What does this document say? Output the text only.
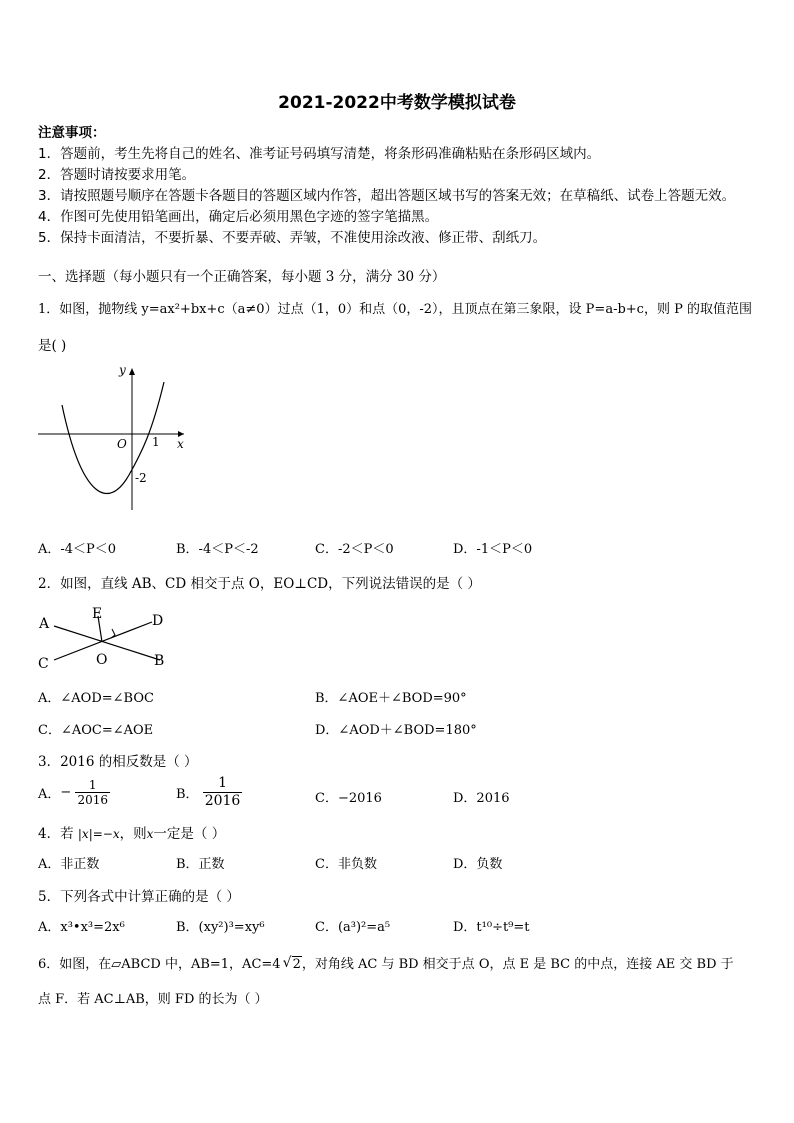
2021-2022中考数学模拟试卷
注意事项：
1．答题前，考生先将自己的姓名、准考证号码填写清楚，将条形码准确粘贴在条形码区域内。
2．答题时请按要求用笔。
3．请按照题号顺序在答题卡各题目的答题区域内作答，超出答题区域书写的答案无效；在草稿纸、试卷上答题无效。
4．作图可先使用铅笔画出，确定后必须用黑色字迹的签字笔描黑。
5．保持卡面清洁，不要折暴、不要弄破、弄皱，不准使用涂改液、修正带、刮纸刀。
一、选择题（每小题只有一个正确答案，每小题 3 分，满分 30 分）
1．如图，抛物线 y=ax²+bx+c（a≠0）过点（1，0）和点（0，-2），且顶点在第三象限，设 P=a-b+c，则 P 的取值范围
是( )
y
x
O 1
-2
A．-4＜P＜0	B．-4＜P＜-2	C．-2＜P＜0	D．-1＜P＜0
2．如图，直线 AB、CD 相交于点 O，EO⊥CD，下列说法错误的是（ ）
A
B
C
D
E
O
A．∠AOD=∠BOC	B．∠AOE＋∠BOD=90°
C．∠AOC=∠AOE	D．∠AOD＋∠BOD=180°
3．2016 的相反数是（ ）
A．− $\frac{1}{2016}$	B． $\frac{1}{2016}$	C．−2016	D．2016
4．若 |x|=−x，则x一定是（ ）
A．非正数	B．正数	C．非负数	D．负数
5．下列各式中计算正确的是（ ）
A．x³•x³=2x⁶	B．(xy²)³=xy⁶	C．(a³)²=a⁵	D．t¹⁰÷t⁹=t
6．如图，在▱ABCD 中，AB=1，AC=4 √ 2，对角线 AC 与 BD 相交于点 O，点 E 是 BC 的中点，连接 AE 交 BD 于
点 F．若 AC⊥AB，则 FD 的长为（ ）
